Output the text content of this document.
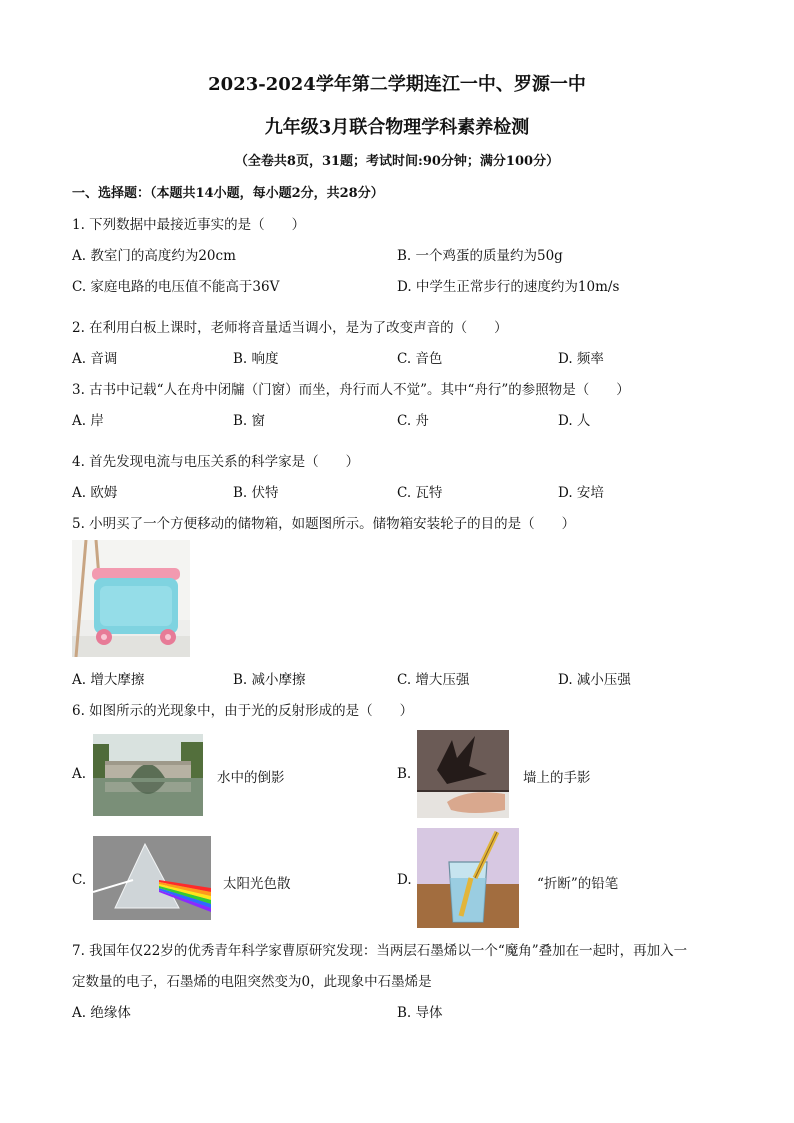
2023-2024学年第二学期连江一中、罗源一中
九年级3月联合物理学科素养检测
（全卷共8页，31题；考试时间:90分钟；满分100分）
一、选择题：（本题共14小题，每小题2分，共28分）
1. 下列数据中最接近事实的是（　　）
A. 教室门的高度约为20cm	B. 一个鸡蛋的质量约为50g
C. 家庭电路的电压值不能高于36V	D. 中学生正常步行的速度约为10m/s
2. 在利用白板上课时，老师将音量适当调小，是为了改变声音的（　　）
A. 音调	B. 响度	C. 音色	D. 频率
3. 古书中记载“人在舟中闭牖（门窗）而坐，舟行而人不觉”。其中“舟行”的参照物是（　　）
A. 岸	B. 窗	C. 舟	D. 人
4. 首先发现电流与电压关系的科学家是（　　）
A. 欧姆	B. 伏特	C. 瓦特	D. 安培
5. 小明买了一个方便移动的储物箱，如题图所示。储物箱安装轮子的目的是（　　）
A. 增大摩擦	B. 减小摩擦	C. 增大压强	D. 减小压强
6. 如图所示的光现象中，由于光的反射形成的是（　　）
A.	水中的倒影	B.	墙上的手影
C.	太阳光色散	D.	“折断”的铅笔
7. 我国年仅22岁的优秀青年科学家曹原研究发现：当两层石墨烯以一个“魔角”叠加在一起时，再加入一
定数量的电子，石墨烯的电阻突然变为0，此现象中石墨烯是
A. 绝缘体	B. 导体
